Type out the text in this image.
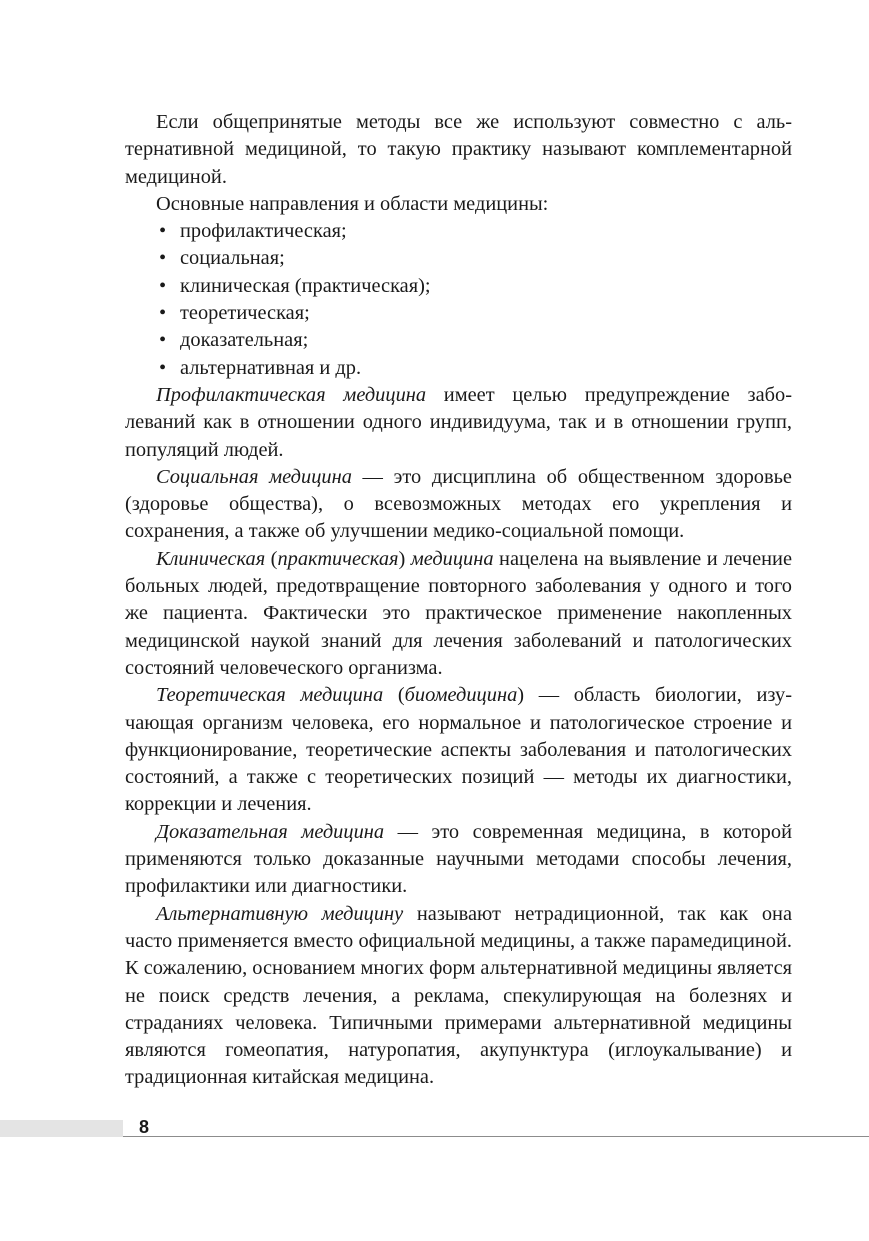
Если общепринятые методы все же используют совместно с альтернативной медициной, то такую практику называют комплементарной медициной.

Основные направления и области медицины:

• профилактическая;
• социальная;
• клиническая (практическая);
• теоретическая;
• доказательная;
• альтернативная и др.

Профилактическая медицина имеет целью предупреждение заболеваний как в отношении одного индивидуума, так и в отношении групп, популяций людей.

Социальная медицина — это дисциплина об общественном здоровье (здоровье общества), о всевозможных методах его укрепления и сохранения, а также об улучшении медико-социальной помощи.

Клиническая (практическая) медицина нацелена на выявление и лечение больных людей, предотвращение повторного заболевания у одного и того же пациента. Фактически это практическое применение накопленных медицинской наукой знаний для лечения заболеваний и патологических состояний человеческого организма.

Теоретическая медицина (биомедицина) — область биологии, изучающая организм человека, его нормальное и патологическое строение и функционирование, теоретические аспекты заболевания и патологических состояний, а также с теоретических позиций — методы их диагностики, коррекции и лечения.

Доказательная медицина — это современная медицина, в которой применяются только доказанные научными методами способы лечения, профилактики или диагностики.

Альтернативную медицину называют нетрадиционной, так как она часто применяется вместо официальной медицины, а также парамедициной. К сожалению, основанием многих форм альтернативной медицины является не поиск средств лечения, а реклама, спекулирующая на болезнях и страданиях человека. Типичными примерами альтернативной медицины являются гомеопатия, натуропатия, акупунктура (иглоукалывание) и традиционная китайская медицина.

8
